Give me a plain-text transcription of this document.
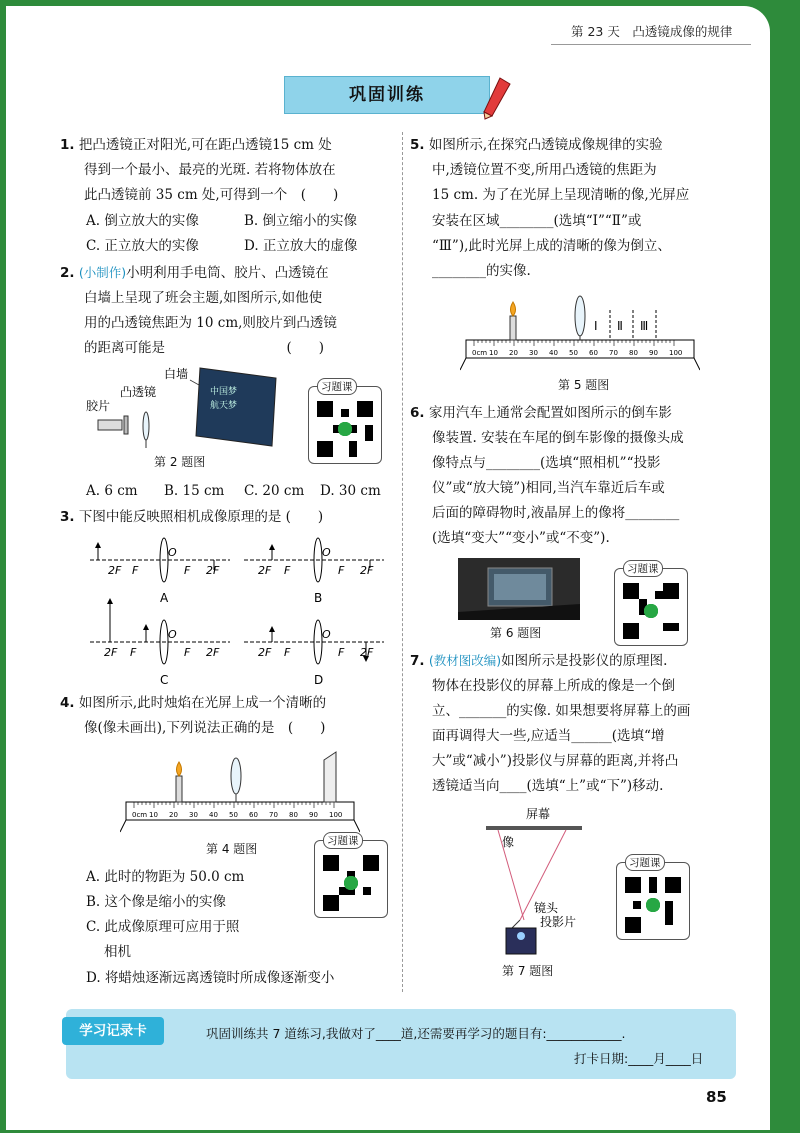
第 23 天　凸透镜成像的规律
巩固训练
1. 把凸透镜正对阳光,可在距凸透镜15 cm 处
得到一个最小、最亮的光斑. 若将物体放在
此凸透镜前 35 cm 处,可得到一个　(　　)
A. 倒立放大的实像	B. 倒立缩小的实像
C. 正立放大的实像	D. 正立放大的虚像
2. (小制作)小明利用手电筒、胶片、凸透镜在
白墙上呈现了班会主题,如图所示,如他使
用的凸透镜焦距为 10 cm,则胶片到凸透镜
的距离可能是　　　　　　　　　(　　)
白墙
凸透镜
胶片
中国梦
航天梦
习题课
第 2 题图
A. 6 cm B. 15 cm C. 20 cm D. 30 cm
3. 下图中能反映照相机成像原理的是 (　　)
2F F
O
F 2F
A
2F F
O
F 2F
B
2F F
O
F 2F
C
2F F
O
F 2F
D
4. 如图所示,此时烛焰在光屏上成一个清晰的
像(像未画出),下列说法正确的是　(　　)
0cm 10 20 30 40 50 60 70 80 90 100
第 4 题图
习题课
A. 此时的物距为 50.0 cm
B. 这个像是缩小的实像
C. 此成像原理可应用于照
相机
D. 将蜡烛逐渐远离透镜时所成像逐渐变小
5. 如图所示,在探究凸透镜成像规律的实验
中,透镜位置不变,所用凸透镜的焦距为
15 cm. 为了在光屏上呈现清晰的像,光屏应
安装在区域________(选填“Ⅰ”“Ⅱ”或
“Ⅲ”),此时光屏上成的清晰的像为倒立、
________的实像.
0cm 10 20 30 40 50 60 70 80 90 100
Ⅰ Ⅱ Ⅲ
第 5 题图
6. 家用汽车上通常会配置如图所示的倒车影
像装置. 安装在车尾的倒车影像的摄像头成
像特点与________(选填“照相机”“投影
仪”或“放大镜”)相同,当汽车靠近后车或
后面的障碍物时,液晶屏上的像将________
(选填“变大”“变小”或“不变”).
习题课
第 6 题图
7. (教材图改编)如图所示是投影仪的原理图.
物体在投影仪的屏幕上所成的像是一个倒
立、_______的实像. 如果想要将屏幕上的画
面再调得大一些,应适当______(选填“增
大”或“减小”)投影仪与屏幕的距离,并将凸
透镜适当向____(选填“上”或“下”)移动.
屏幕
像
镜头
投影片
习题课
第 7 题图
学习记录卡	巩固训练共 7 道练习,我做对了____道,还需要再学习的题目有:____________.
打卡日期:____月____日
85
